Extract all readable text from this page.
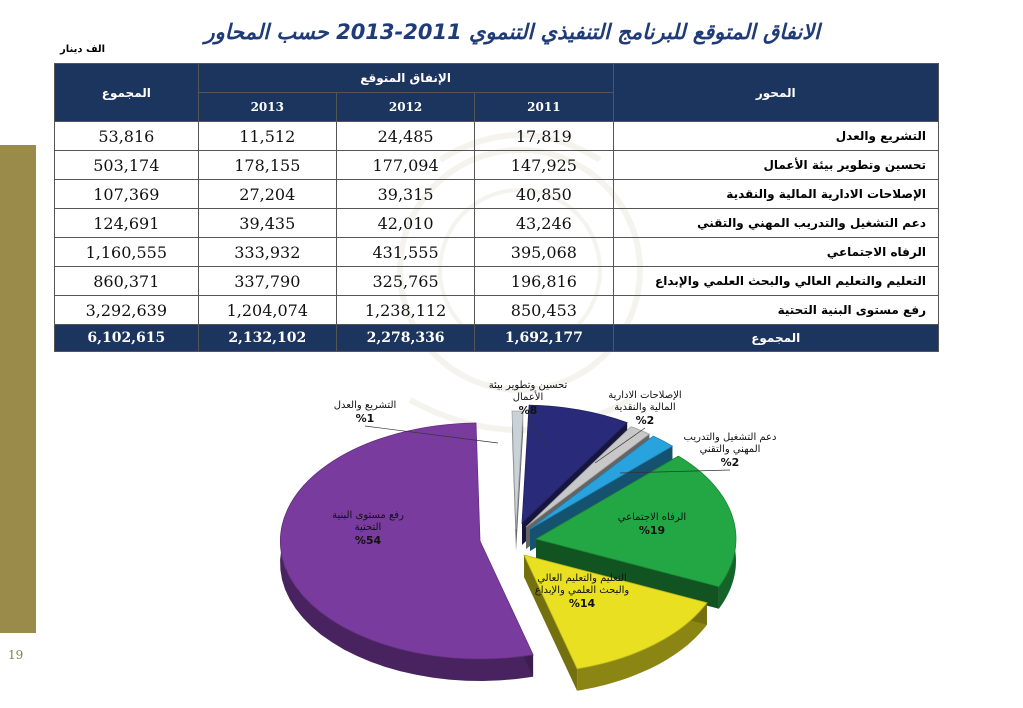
19
الانفاق المتوقع للبرنامج التنفيذي التنموي 2011-2013 حسب المحاور
الف دينار
المحور	الإنفاق المتوقع			المجموع
	2011	2012	2013	
التشريع والعدل	17,819	24,485	11,512	53,816
تحسين وتطوير بيئة الأعمال	147,925	177,094	178,155	503,174
الإصلاحات الادارية المالية والنقدية	40,850	39,315	27,204	107,369
دعم التشغيل والتدريب المهني والتقني	43,246	42,010	39,435	124,691
الرفاه الاجتماعي	395,068	431,555	333,932	1,160,555
التعليم والتعليم العالي والبحث العلمي والإبداع	196,816	325,765	337,790	860,371
رفع مستوى البنية التحتية	850,453	1,238,112	1,204,074	3,292,639
المجموع	1,692,177	2,278,336	2,132,102	6,102,615
التشريع والعدل
%1
تحسين وتطوير بيئة
الأعمال
%8
الإصلاحات الادارية
المالية والنقدية
%2
دعم التشغيل والتدريب
المهني والتقني
%2
الرفاه الاجتماعي
%19
التعليم والتعليم العالي
والبحث العلمي والإبداع
%14
رفع مستوى البنية
التحتية
%54
